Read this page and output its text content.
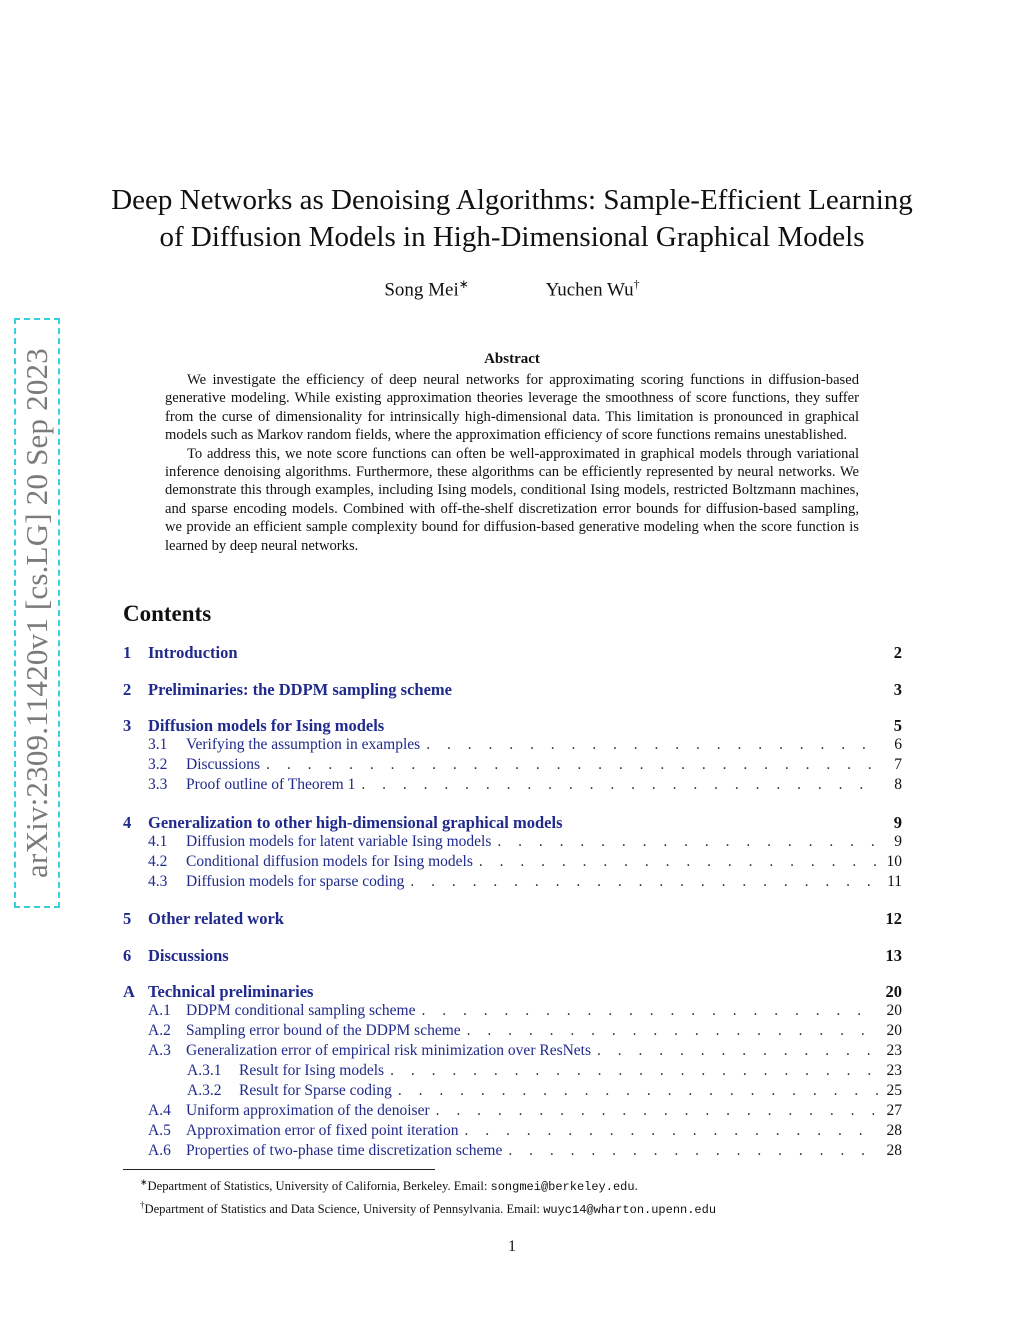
arXiv:2309.11420v1 [cs.LG] 20 Sep 2023
Deep Networks as Denoising Algorithms: Sample-Efficient Learning
of Diffusion Models in High-Dimensional Graphical Models
Song Mei∗	Yuchen Wu†
Abstract

We investigate the efficiency of deep neural networks for approximating scoring functions in diffusion-based generative modeling. While existing approximation theories leverage the smoothness of score functions, they suffer from the curse of dimensionality for intrinsically high-dimensional data. This limitation is pronounced in graphical models such as Markov random fields, where the approximation efficiency of score functions remains unestablished.

To address this, we note score functions can often be well-approximated in graphical models through variational inference denoising algorithms. Furthermore, these algorithms can be efficiently represented by neural networks. We demonstrate this through examples, including Ising models, conditional Ising models, restricted Boltzmann machines, and sparse encoding models. Combined with off-the-shelf discretization error bounds for diffusion-based sampling, we provide an efficient sample complexity bound for diffusion-based generative modeling when the score function is learned by deep neural networks.

Contents
1	Introduction	2
2	Preliminaries: the DDPM sampling scheme	3
3	Diffusion models for Ising models	5
3.1	Verifying the assumption in examples . . .	6
3.2	Discussions . . .	7
3.3	Proof outline of Theorem 1 . . .	8
4	Generalization to other high-dimensional graphical models	9
4.1	Diffusion models for latent variable Ising models . . .	9
4.2	Conditional diffusion models for Ising models . . .	10
4.3	Diffusion models for sparse coding . . .	11
5	Other related work	12
6	Discussions	13
A Technical preliminaries	20
A.1 DDPM conditional sampling scheme . . .	20
A.2 Sampling error bound of the DDPM scheme . . .	20
A.3 Generalization error of empirical risk minimization over ResNets . . .	23
A.3.1	Result for Ising models . . .	23
A.3.2	Result for Sparse coding . . .	25
A.4 Uniform approximation of the denoiser . . .	27
A.5 Approximation error of fixed point iteration . . .	28
A.6 Properties of two-phase time discretization scheme . . .	28
∗Department of Statistics, University of California, Berkeley. Email: songmei@berkeley.edu.
†Department of Statistics and Data Science, University of Pennsylvania. Email: wuyc14@wharton.upenn.edu
1
